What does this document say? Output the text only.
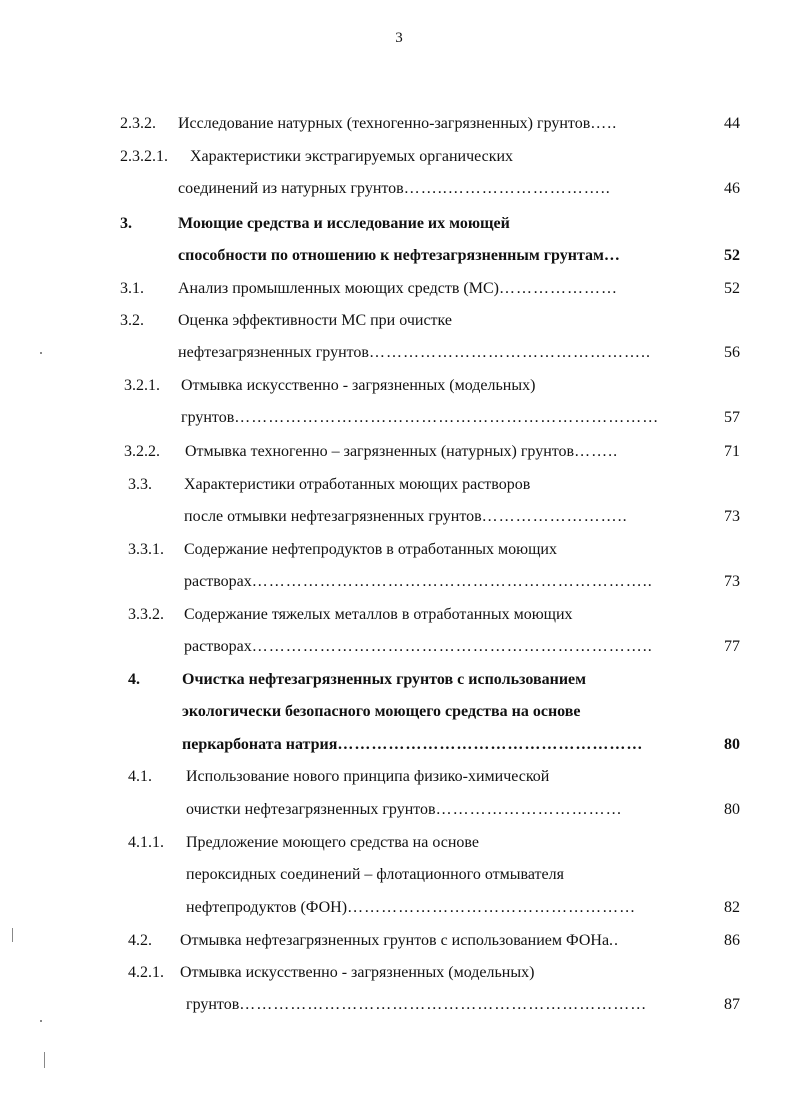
3
2.3.2. Исследование натурных (техногенно-загрязненных) грунтов…..	44
2.3.2.1. Характеристики экстрагируемых органических
соединений из натурных грунтов……..………………………..	46
3.	Моющие средства и исследование их моющей
способности по отношению к нефтезагрязненным грунтам…	52
3.1. Анализ промышленных моющих средств (МС)…………………	52
3.2. Оценка эффективности МС при очистке
нефтезагрязненных грунтов…………………………………………..	56
3.2.1. Отмывка искусственно - загрязненных (модельных)
грунтов…………………………………………………………………	57
3.2.2. Отмывка техногенно – загрязненных (натурных) грунтов……..	71
3.3. Характеристики отработанных моющих растворов
после отмывки нефтезагрязненных грунтов……………………..	73
3.3.1. Содержание нефтепродуктов в отработанных моющих
растворах……………………………………………………………..	73
3.3.2. Содержание тяжелых металлов в отработанных моющих
растворах……………………………………………………………..	77
4.	Очистка нефтезагрязненных грунтов с использованием
экологически безопасного моющего средства на основе
перкарбоната натрия………………………………………………	80
4.1. Использование нового принципа физико-химической
очистки нефтезагрязненных грунтов……………………………	80
4.1.1. Предложение моющего средства на основе
пероксидных соединений – флотационного отмывателя
нефтепродуктов (ФОН)……………………………………………	82
4.2. Отмывка нефтезагрязненных грунтов с использованием ФОНа..	86
4.2.1. Отмывка искусственно - загрязненных (модельных)
грунтов………………………………………………………………	87
